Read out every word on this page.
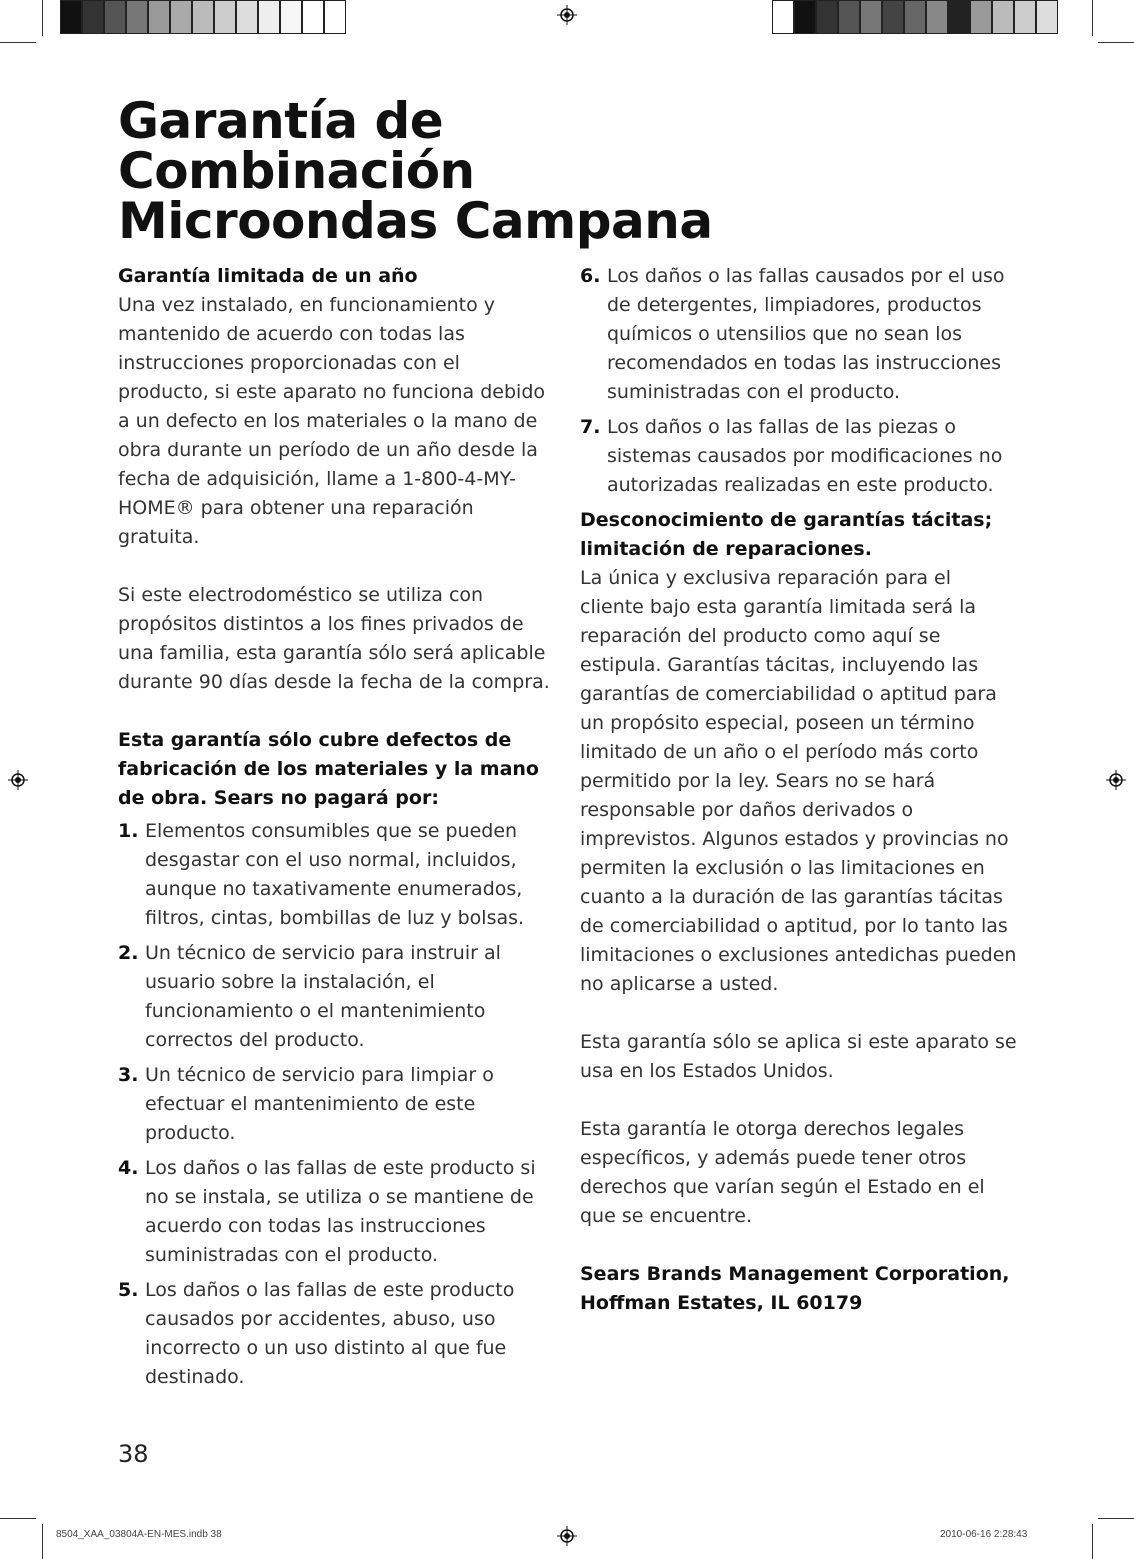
Garantía de
Combinación
Microondas Campana
Garantía limitada de un año

Una vez instalado, en funcionamiento y mantenido de acuerdo con todas las instrucciones proporcionadas con el producto, si este aparato no funciona debido a un defecto en los materiales o la mano de obra durante un período de un año desde la fecha de adquisición, llame a 1-800-4-MY-HOME® para obtener una reparación gratuita.

Si este electrodoméstico se utiliza con propósitos distintos a los fines privados de una familia, esta garantía sólo será aplicable durante 90 días desde la fecha de la compra.

Esta garantía sólo cubre defectos de fabricación de los materiales y la mano de obra. Sears no pagará por:
1. Elementos consumibles que se pueden desgastar con el uso normal, incluidos, aunque no taxativamente enumerados, filtros, cintas, bombillas de luz y bolsas.
2. Un técnico de servicio para instruir al usuario sobre la instalación, el funcionamiento o el mantenimiento correctos del producto.
3. Un técnico de servicio para limpiar o efectuar el mantenimiento de este producto.
4. Los daños o las fallas de este producto si no se instala, se utiliza o se mantiene de acuerdo con todas las instrucciones suministradas con el producto.
5. Los daños o las fallas de este producto causados por accidentes, abuso, uso incorrecto o un uso distinto al que fue destinado.
6. Los daños o las fallas causados por el uso de detergentes, limpiadores, productos químicos o utensilios que no sean los recomendados en todas las instrucciones suministradas con el producto.
7. Los daños o las fallas de las piezas o sistemas causados por modificaciones no autorizadas realizadas en este producto.
Desconocimiento de garantías tácitas; limitación de reparaciones.

La única y exclusiva reparación para el cliente bajo esta garantía limitada será la reparación del producto como aquí se estipula. Garantías tácitas, incluyendo las garantías de comerciabilidad o aptitud para un propósito especial, poseen un término limitado de un año o el período más corto permitido por la ley. Sears no se hará responsable por daños derivados o imprevistos. Algunos estados y provincias no permiten la exclusión o las limitaciones en cuanto a la duración de las garantías tácitas de comerciabilidad o aptitud, por lo tanto las limitaciones o exclusiones antedichas pueden no aplicarse a usted.

Esta garantía sólo se aplica si este aparato se usa en los Estados Unidos.

Esta garantía le otorga derechos legales específicos, y además puede tener otros derechos que varían según el Estado en el que se encuentre.

Sears Brands Management Corporation,
Hoffman Estates, IL 60179
38
8504_XAA_03804A-EN-MES.indb 38	2010-06-16 2:28:43
